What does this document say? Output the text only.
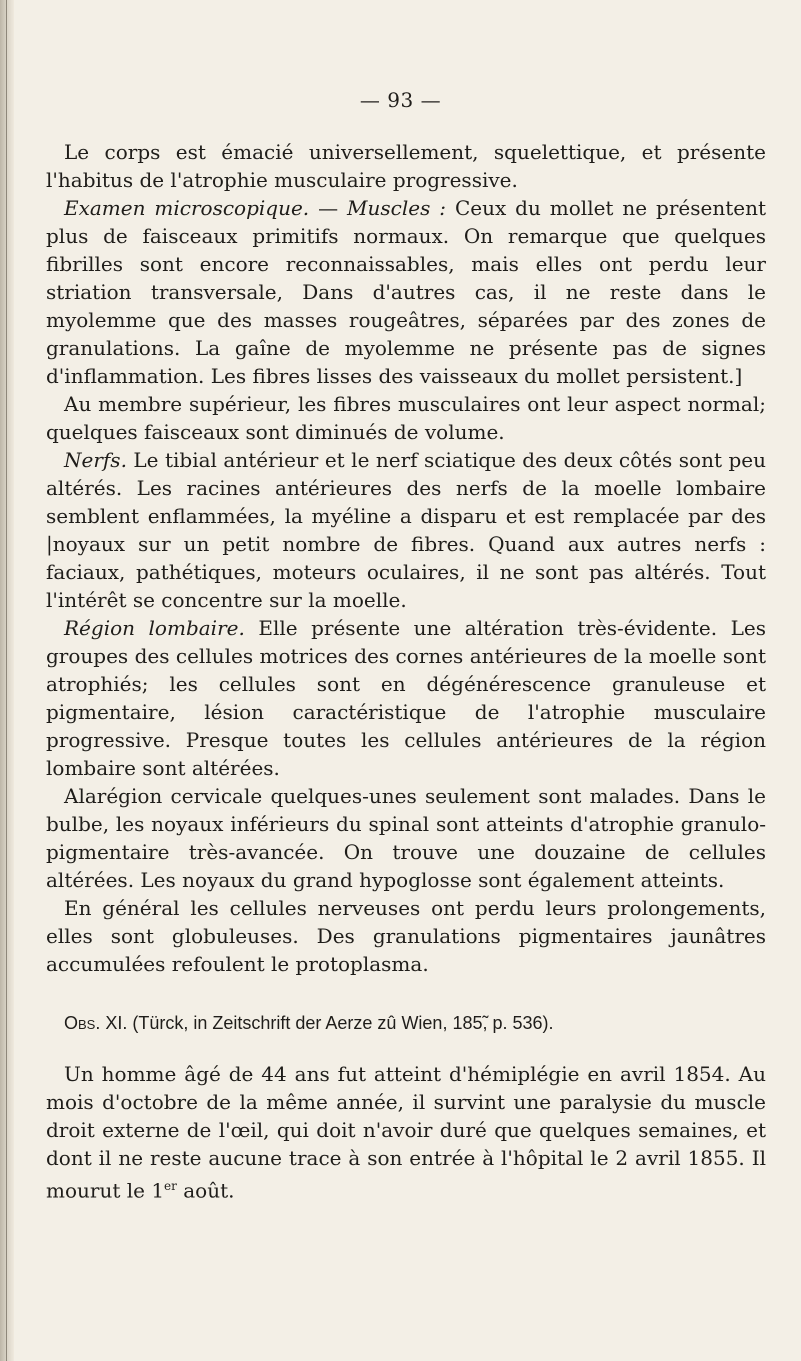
— 93 —

Le corps est émacié universellement, squelettique, et présente l'habitus de l'atrophie musculaire progressive.

Examen microscopique. — Muscles : Ceux du mollet ne présentent plus de faisceaux primitifs normaux. On remarque que quelques fibrilles sont encore reconnaissables, mais elles ont perdu leur striation transversale, Dans d'autres cas, il ne reste dans le myolemme que des masses rougeâtres, séparées par des zones de granulations. La gaîne de myolemme ne présente pas de signes d'inflammation. Les fibres lisses des vaisseaux du mollet persistent.]

Au membre supérieur, les fibres musculaires ont leur aspect normal; quelques faisceaux sont diminués de volume.

Nerfs. Le tibial antérieur et le nerf sciatique des deux côtés sont peu altérés. Les racines antérieures des nerfs de la moelle lombaire semblent enflammées, la myéline a disparu et est remplacée par des |noyaux sur un petit nombre de fibres. Quand aux autres nerfs : faciaux, pathétiques, moteurs oculaires, il ne sont pas altérés. Tout l'intérêt se concentre sur la moelle.

Région lombaire. Elle présente une altération très-évidente. Les groupes des cellules motrices des cornes antérieures de la moelle sont atrophiés; les cellules sont en dégénérescence granuleuse et pigmentaire, lésion caractéristique de l'atrophie musculaire progressive. Presque toutes les cellules antérieures de la région lombaire sont altérées.

Alarégion cervicale quelques-unes seulement sont malades. Dans le bulbe, les noyaux inférieurs du spinal sont atteints d'atrophie granulo-pigmentaire très-avancée. On trouve une douzaine de cellules altérées. Les noyaux du grand hypoglosse sont également atteints.

En général les cellules nerveuses ont perdu leurs prolongements, elles sont globuleuses. Des granulations pigmentaires jaunâtres accumulées refoulent le protoplasma.

Obs. XI. (Türck, in Zeitschrift der Aerze zû Wien, 185, p. 536).

Un homme âgé de 44 ans fut atteint d'hémiplégie en avril 1854. Au mois d'octobre de la même année, il survint une paralysie du muscle droit externe de l'œil, qui doit n'avoir duré que quelques semaines, et dont il ne reste aucune trace à son entrée à l'hôpital le 2 avril 1855. Il mourut le 1er août.
